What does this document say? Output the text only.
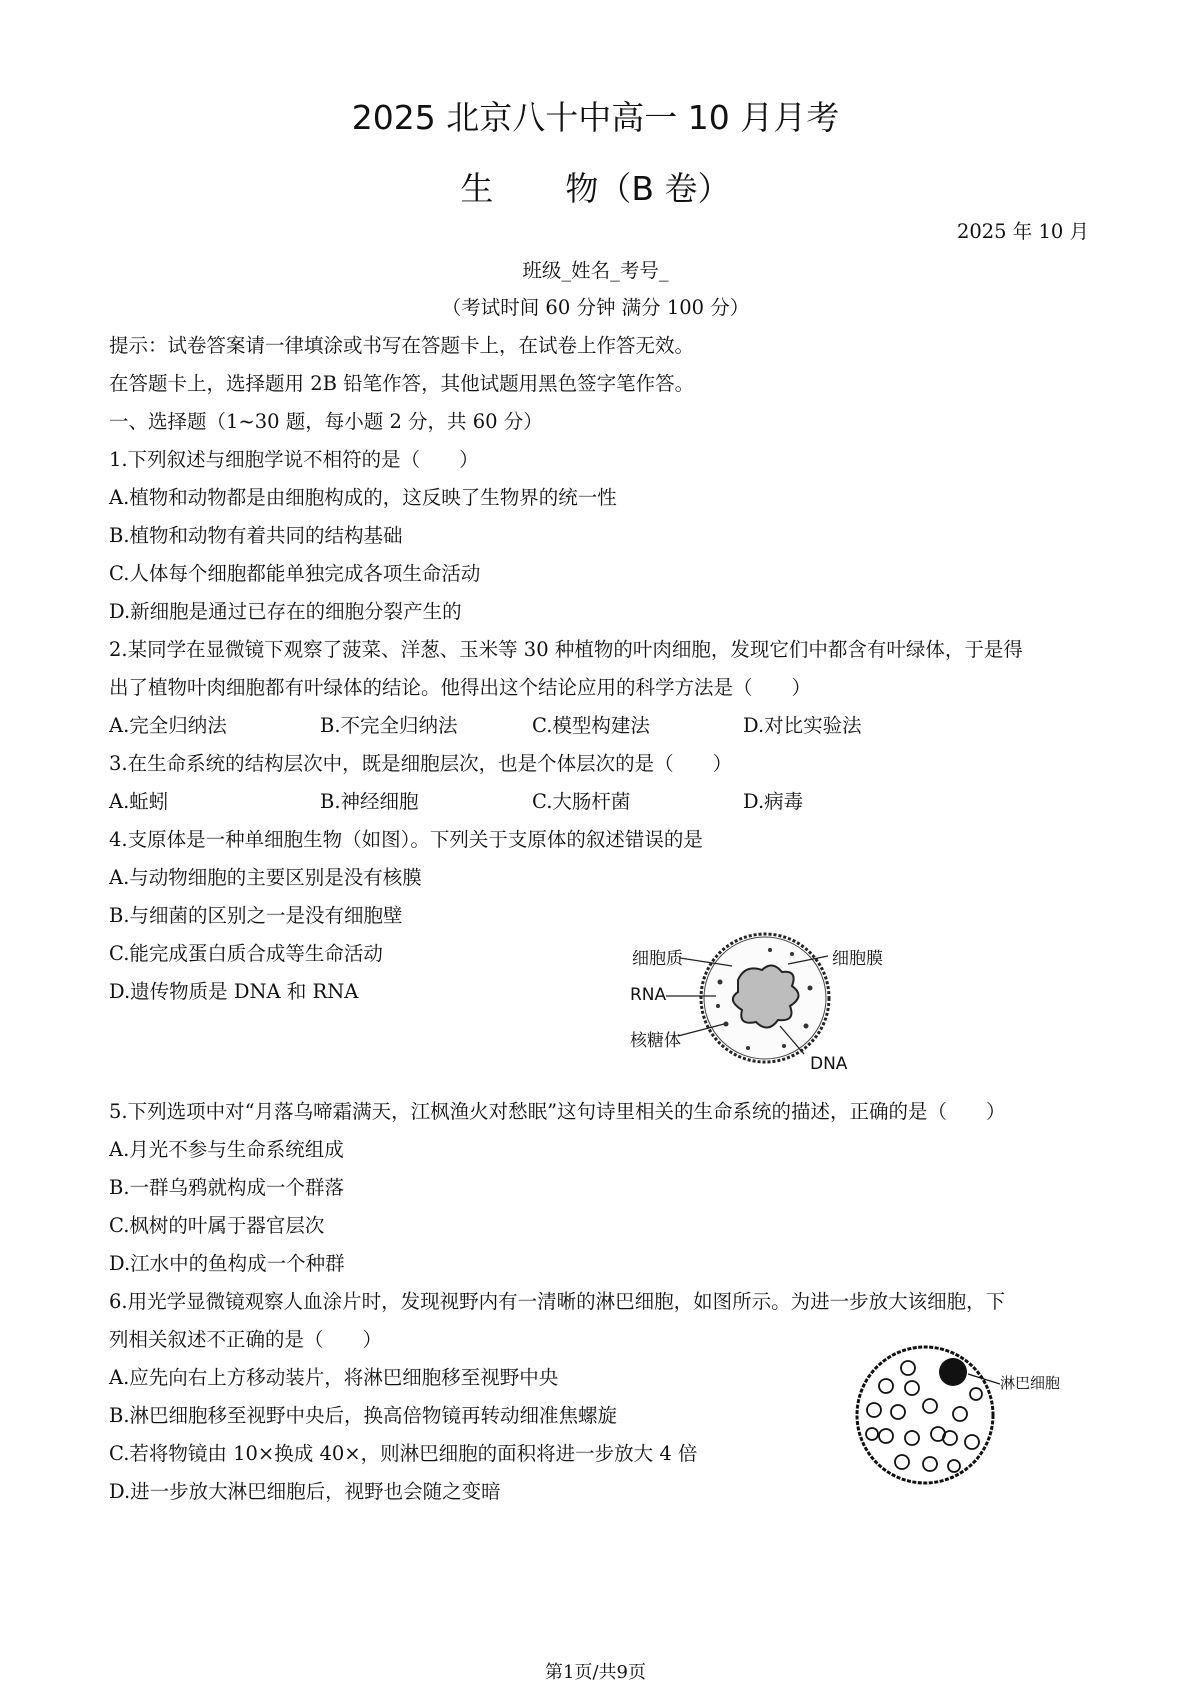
2025 北京八十中高一 10 月月考
生 物（B 卷）
2025 年 10 月
班级_姓名_考号_
（考试时间 60 分钟 满分 100 分）
提示：试卷答案请一律填涂或书写在答题卡上，在试卷上作答无效。
在答题卡上，选择题用 2B 铅笔作答，其他试题用黑色签字笔作答。
一、选择题（1~30 题，每小题 2 分，共 60 分）
1.下列叙述与细胞学说不相符的是（　　）
A.植物和动物都是由细胞构成的，这反映了生物界的统一性
B.植物和动物有着共同的结构基础
C.人体每个细胞都能单独完成各项生命活动
D.新细胞是通过已存在的细胞分裂产生的
2.某同学在显微镜下观察了菠菜、洋葱、玉米等 30 种植物的叶肉细胞，发现它们中都含有叶绿体，于是得
出了植物叶肉细胞都有叶绿体的结论。他得出这个结论应用的科学方法是（　　）
A.完全归纳法	B.不完全归纳法	C.模型构建法	D.对比实验法
3.在生命系统的结构层次中，既是细胞层次，也是个体层次的是（　　）
A.蚯蚓	B.神经细胞	C.大肠杆菌	D.病毒
4.支原体是一种单细胞生物（如图）。下列关于支原体的叙述错误的是
A.与动物细胞的主要区别是没有核膜
B.与细菌的区别之一是没有细胞壁
C.能完成蛋白质合成等生命活动
D.遗传物质是 DNA 和 RNA
细胞质	细胞膜
RNA
核糖体
DNA
5.下列选项中对“月落乌啼霜满天，江枫渔火对愁眠”这句诗里相关的生命系统的描述，正确的是（　　）
A.月光不参与生命系统组成
B.一群乌鸦就构成一个群落
C.枫树的叶属于器官层次
D.江水中的鱼构成一个种群
6.用光学显微镜观察人血涂片时，发现视野内有一清晰的淋巴细胞，如图所示。为进一步放大该细胞，下
列相关叙述不正确的是（　　）
A.应先向右上方移动装片，将淋巴细胞移至视野中央
B.淋巴细胞移至视野中央后，换高倍物镜再转动细准焦螺旋
C.若将物镜由 10×换成 40×，则淋巴细胞的面积将进一步放大 4 倍
D.进一步放大淋巴细胞后，视野也会随之变暗
淋巴细胞
第1页/共9页
